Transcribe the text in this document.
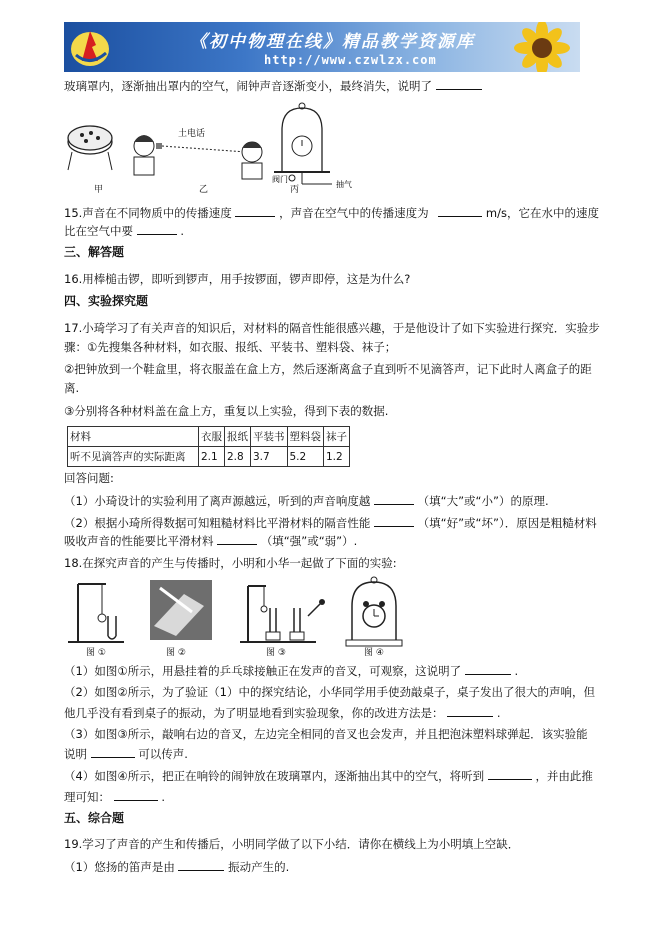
《初中物理在线》精品教学资源库
http://www.czwlzx.com
玻璃罩内，逐渐抽出罩内的空气，闹钟声音逐渐变小，最终消失，说明了
土电话
阀门
抽气
甲	乙	丙
15.声音在不同物质中的传播速度	，声音在空气中的传播速度为	m/s，它在水中的速度
比在空气中要	.
三、解答题
16.用棒槌击锣，即听到锣声，用手按锣面，锣声即停，这是为什么?
四、实验探究题
17.小琦学习了有关声音的知识后，对材料的隔音性能很感兴趣，于是他设计了如下实验进行探究．实验步
骤：①先搜集各种材料，如衣服、报纸、平装书、塑料袋、袜子；
②把钟放到一个鞋盒里，将衣服盖在盒上方，然后逐渐离盒子直到听不见滴答声，记下此时人离盒子的距
离.
③分别将各种材料盖在盒上方，重复以上实验，得到下表的数据.
材料	衣服	报纸	平装书	塑料袋	袜子
听不见滴答声的实际距离	2.1	2.8	3.7	5.2	1.2
回答问题:
（1）小琦设计的实验利用了离声源越远，听到的声音响度越	（填“大”或“小”）的原理.
（2）根据小琦所得数据可知粗糙材料比平滑材料的隔音性能	（填“好”或“坏”）．原因是粗糙材料
吸收声音的性能要比平滑材料	（填“强”或“弱”）.
18.在探究声音的产生与传播时，小明和小华一起做了下面的实验:
图 ①	图 ②	图 ③	图 ④
（1）如图①所示，用悬挂着的乒乓球接触正在发声的音叉，可观察，这说明了	.
（2）如图②所示，为了验证（1）中的探究结论，小华同学用手使劲敲桌子，桌子发出了很大的声响，但
他几乎没有看到桌子的振动，为了明显地看到实验现象，你的改进方法是：	.
（3）如图③所示，敲响右边的音叉，左边完全相同的音叉也会发声，并且把泡沫塑料球弹起．该实验能
说明	可以传声.
（4）如图④所示，把正在响铃的闹钟放在玻璃罩内，逐渐抽出其中的空气，将听到	，并由此推
理可知：	.
五、综合题
19.学习了声音的产生和传播后，小明同学做了以下小结．请你在横线上为小明填上空缺．
（1）悠扬的笛声是由	振动产生的.
